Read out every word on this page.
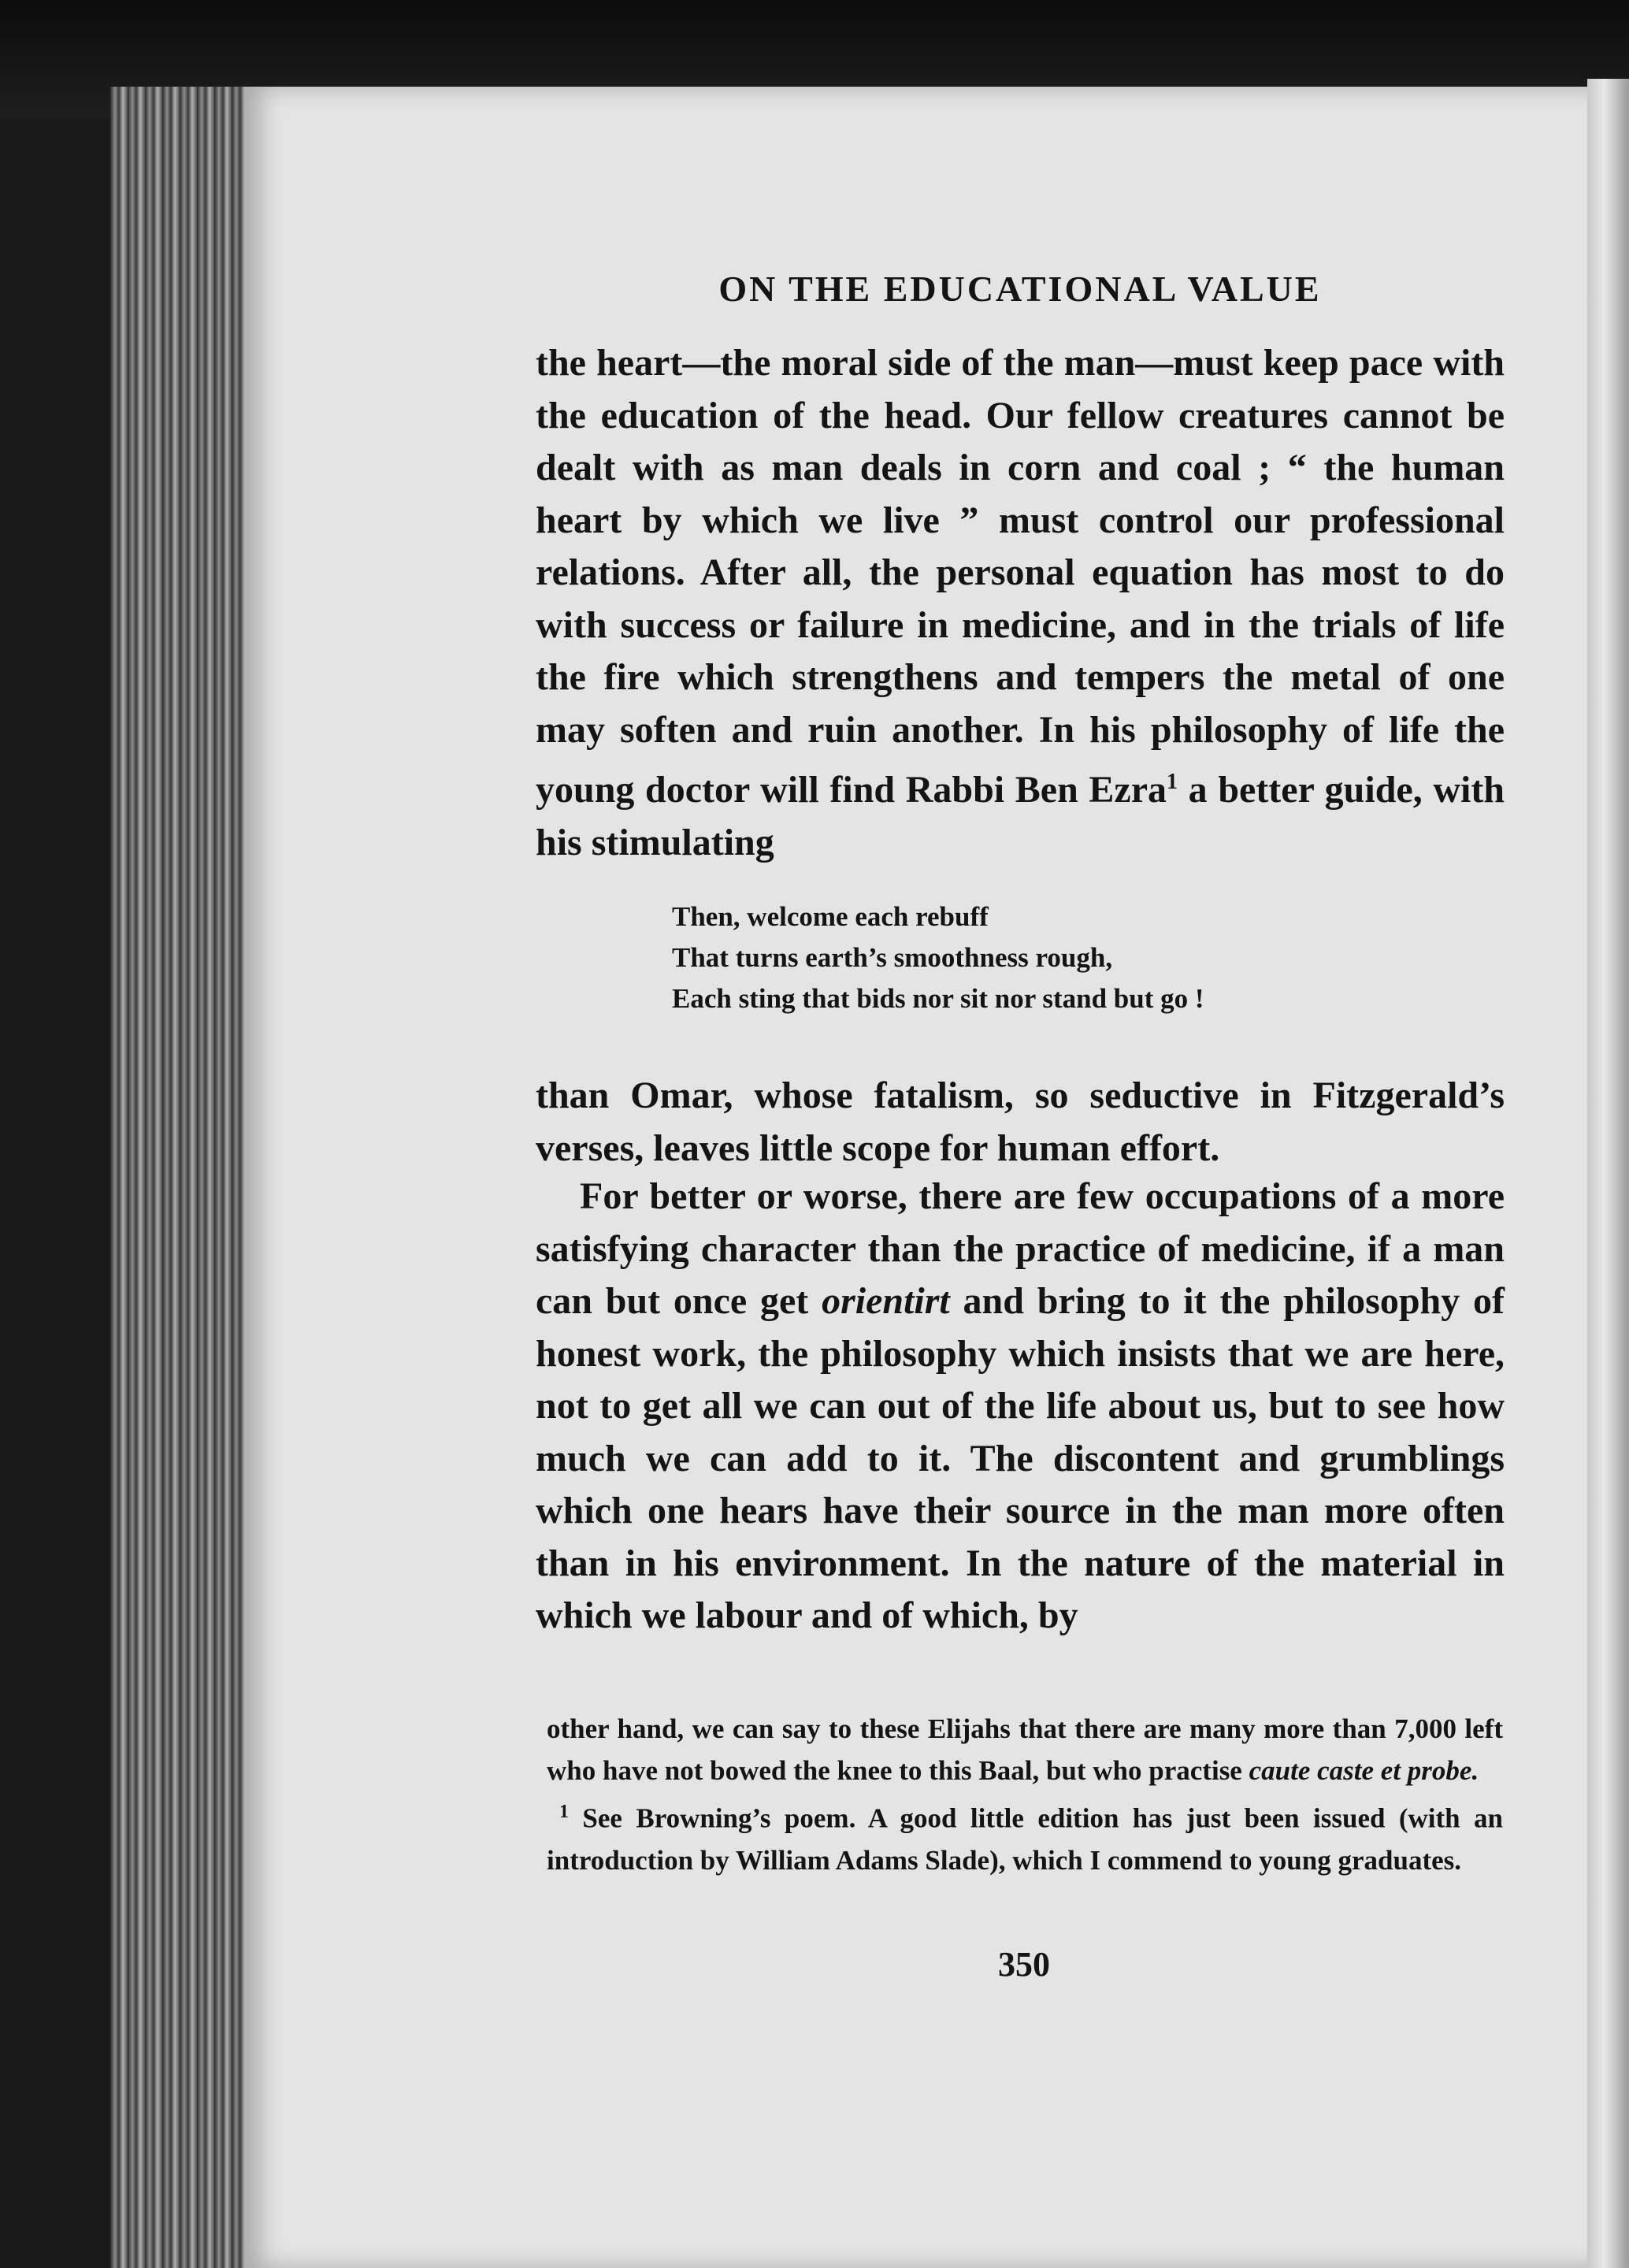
ON THE EDUCATIONAL VALUE
the heart—the moral side of the man—must keep pace with the education of the head. Our fellow creatures cannot be dealt with as man deals in corn and coal ; “ the human heart by which we live ” must control our professional relations. After all, the personal equation has most to do with success or failure in medicine, and in the trials of life the fire which strengthens and tempers the metal of one may soften and ruin another. In his philosophy of life the young doctor will find Rabbi Ben Ezra$^1$ a better guide, with his stimulating
Then, welcome each rebuff
That turns earth’s smoothness rough,
Each sting that bids nor sit nor stand but go !
than Omar, whose fatalism, so seductive in Fitzgerald’s verses, leaves little scope for human effort.
For better or worse, there are few occupations of a more satisfying character than the practice of medicine, if a man can but once get orientirt and bring to it the philosophy of honest work, the philosophy which insists that we are here, not to get all we can out of the life about us, but to see how much we can add to it. The discontent and grumblings which one hears have their source in the man more often than in his environment. In the nature of the material in which we labour and of which, by
other hand, we can say to these Elijahs that there are many more than 7,000 left who have not bowed the knee to this Baal, but who practise caute caste et probe.
$^1$ See Browning’s poem. A good little edition has just been issued (with an introduction by William Adams Slade), which I commend to young graduates.
350
